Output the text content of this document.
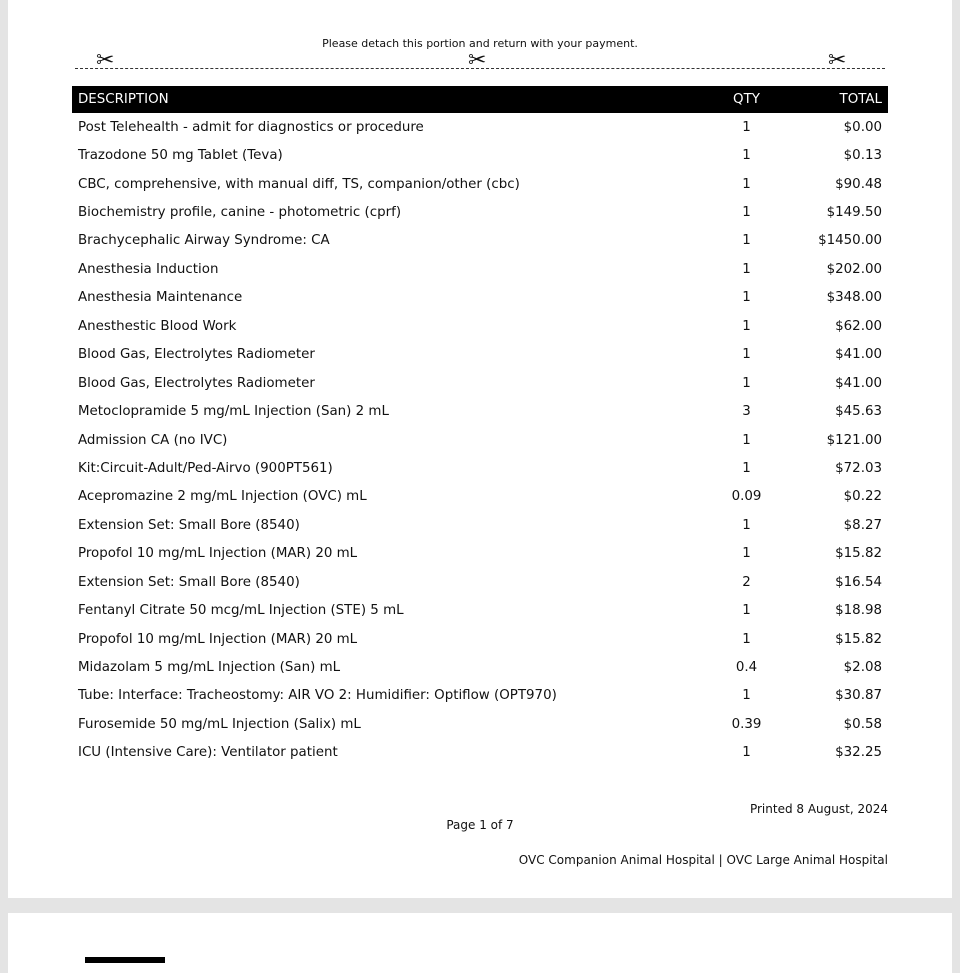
Please detach this portion and return with your payment.
✂	✂	✂
DESCRIPTION	QTY	TOTAL
Post Telehealth - admit for diagnostics or procedure	1	$0.00
Trazodone 50 mg Tablet (Teva)	1	$0.13
CBC, comprehensive, with manual diff, TS, companion/other (cbc)	1	$90.48
Biochemistry profile, canine - photometric (cprf)	1	$149.50
Brachycephalic Airway Syndrome: CA	1	$1450.00
Anesthesia Induction	1	$202.00
Anesthesia Maintenance	1	$348.00
Anesthestic Blood Work	1	$62.00
Blood Gas, Electrolytes Radiometer	1	$41.00
Blood Gas, Electrolytes Radiometer	1	$41.00
Metoclopramide 5 mg/mL Injection (San) 2 mL	3	$45.63
Admission CA (no IVC)	1	$121.00
Kit:Circuit-Adult/Ped-Airvo (900PT561)	1	$72.03
Acepromazine 2 mg/mL Injection (OVC) mL	0.09	$0.22
Extension Set: Small Bore (8540)	1	$8.27
Propofol 10 mg/mL Injection (MAR) 20 mL	1	$15.82
Extension Set: Small Bore (8540)	2	$16.54
Fentanyl Citrate 50 mcg/mL Injection (STE) 5 mL	1	$18.98
Propofol 10 mg/mL Injection (MAR) 20 mL	1	$15.82
Midazolam 5 mg/mL Injection (San) mL	0.4	$2.08
Tube: Interface: Tracheostomy: AIR VO 2: Humidifier: Optiflow (OPT970)	1	$30.87
Furosemide 50 mg/mL Injection (Salix) mL	0.39	$0.58
ICU (Intensive Care): Ventilator patient	1	$32.25
Printed 8 August, 2024
Page 1 of 7
OVC Companion Animal Hospital | OVC Large Animal Hospital
